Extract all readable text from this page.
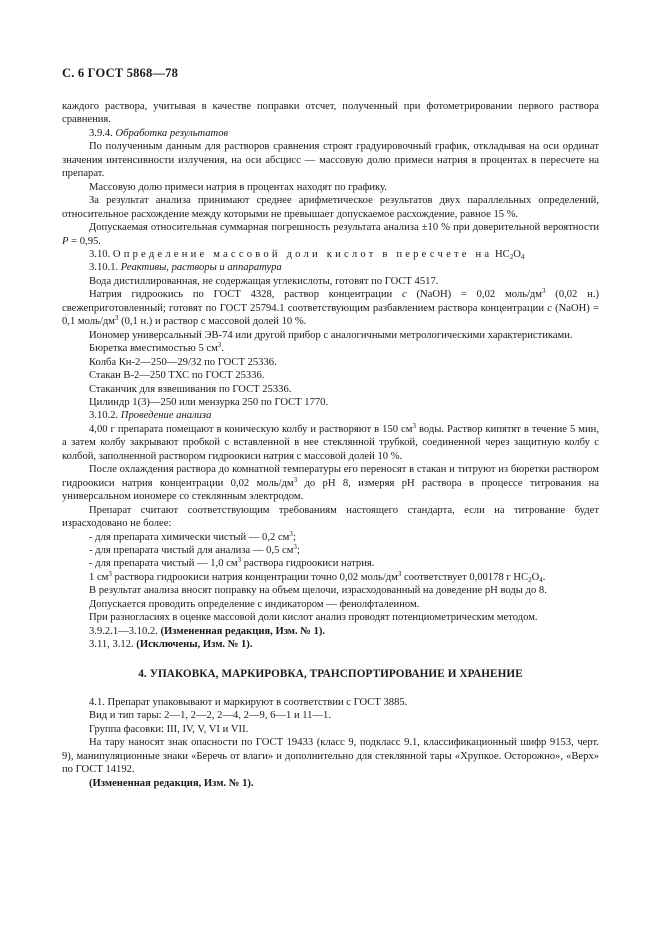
С. 6 ГОСТ 5868—78

каждого раствора, учитывая в качестве поправки отсчет, полученный при фотометрировании первого раствора сравнения.

3.9.4. Обработка результатов

По полученным данным для растворов сравнения строят градуировочный график, откладывая на оси ординат значения интенсивности излучения, на оси абсцисс — массовую долю примеси натрия в процентах в пересчете на препарат.

Массовую долю примеси натрия в процентах находят по графику.

За результат анализа принимают среднее арифметическое результатов двух параллельных определений, относительное расхождение между которыми не превышает допускаемое расхождение, равное 15 %.

Допускаемая относительная суммарная погрешность результата анализа ±10 % при доверительной вероятности P = 0,95.

3.10. Определение массовой доли кислот в пересчете на $HC_2O_4$

3.10.1. Реактивы, растворы и аппаратура

Вода дистиллированная, не содержащая углекислоты, готовят по ГОСТ 4517.

Натрия гидроокись по ГОСТ 4328, раствор концентрации c (NaOH) = 0,02 моль/$дм^3$ (0,02 н.) свежеприготовленный; готовят по ГОСТ 25794.1 соответствующим разбавлением раствора концентрации c (NaOH) = 0,1 моль/$дм^3$ (0,1 н.) и раствор с массовой долей 10 %.

Иономер универсальный ЭВ-74 или другой прибор с аналогичными метрологическими характеристиками.

Бюретка вместимостью 5 $см^3$.

Колба Кн-2—250—29/32 по ГОСТ 25336.

Стакан В-2—250 ТХС по ГОСТ 25336.

Стаканчик для взвешивания по ГОСТ 25336.

Цилиндр 1(3)—250 или мензурка 250 по ГОСТ 1770.

3.10.2. Проведение анализа

4,00 г препарата помещают в коническую колбу и растворяют в 150 $см^3$ воды. Раствор кипятят в течение 5 мин, а затем колбу закрывают пробкой с вставленной в нее стеклянной трубкой, соединенной через защитную колбу с колбой, заполненной раствором гидроокиси натрия с массовой долей 10 %.

После охлаждения раствора до комнатной температуры его переносят в стакан и титруют из бюретки раствором гидроокиси натрия концентрации 0,02 моль/$дм^3$ до рН 8, измеряя рН раствора в процессе титрования на универсальном иономере со стеклянным электродом.

Препарат считают соответствующим требованиям настоящего стандарта, если на титрование будет израсходовано не более:

- для препарата химически чистый — 0,2 $см^3$;

- для препарата чистый для анализа — 0,5 $см^3$;

- для препарата чистый — 1,0 $см^3$ раствора гидроокиси натрия.

1 $см^3$ раствора гидроокиси натрия концентрации точно 0,02 моль/$дм^3$ соответствует 0,00178 г $HC_2O_4$.

В результат анализа вносят поправку на объем щелочи, израсходованный на доведение рН воды до 8.

Допускается проводить определение с индикатором — фенолфталеином.

При разногласиях в оценке массовой доли кислот анализ проводят потенциометрическим методом.

3.9.2.1—3.10.2. (Измененная редакция, Изм. № 1).

3.11, 3.12. (Исключены, Изм. № 1).

4. УПАКОВКА, МАРКИРОВКА, ТРАНСПОРТИРОВАНИЕ И ХРАНЕНИЕ

4.1. Препарат упаковывают и маркируют в соответствии с ГОСТ 3885.

Вид и тип тары: 2—1, 2—2, 2—4, 2—9, 6—1 и 11—1.

Группа фасовки: III, IV, V, VI и VII.

На тару наносят знак опасности по ГОСТ 19433 (класс 9, подкласс 9.1, классификационный шифр 9153, черт. 9), манипуляционные знаки «Беречь от влаги» и дополнительно для стеклянной тары «Хрупкое. Осторожно», «Верх» по ГОСТ 14192.

(Измененная редакция, Изм. № 1).
